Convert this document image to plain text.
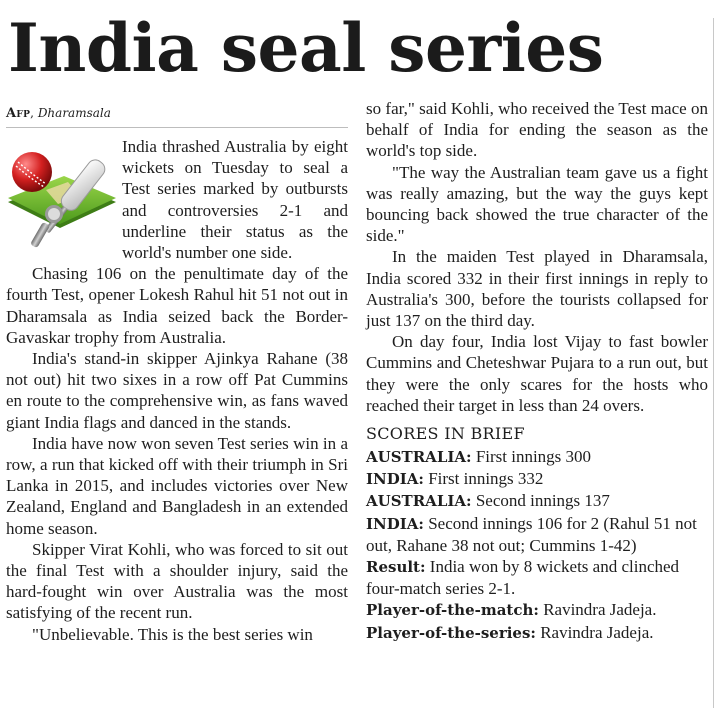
India seal series
Afp, Dharamsala

India thrashed Australia by eight wickets on Tuesday to seal a Test series marked by outbursts and controversies 2-1 and underline their status as the world's number one side.

Chasing 106 on the penultimate day of the fourth Test, opener Lokesh Rahul hit 51 not out in Dharamsala as India seized back the Border-Gavaskar trophy from Australia.

India's stand-in skipper Ajinkya Rahane (38 not out) hit two sixes in a row off Pat Cummins en route to the comprehensive win, as fans waved giant India flags and danced in the stands.

India have now won seven Test series win in a row, a run that kicked off with their triumph in Sri Lanka in 2015, and includes victories over New Zealand, England and Bangladesh in an extended home season.

Skipper Virat Kohli, who was forced to sit out the final Test with a shoulder injury, said the hard-fought win over Australia was the most satisfying of the recent run.

"Unbelievable. This is the best series win

so far," said Kohli, who received the Test mace on behalf of India for ending the season as the world's top side.

"The way the Australian team gave us a fight was really amazing, but the way the guys kept bouncing back showed the true character of the side."

In the maiden Test played in Dharamsala, India scored 332 in their first innings in reply to Australia's 300, before the tourists collapsed for just 137 on the third day.

On day four, India lost Vijay to fast bowler Cummins and Cheteshwar Pujara to a run out, but they were the only scares for the hosts who reached their target in less than 24 overs.

SCORES IN BRIEF

AUSTRALIA: First innings 300

INDIA: First innings 332

AUSTRALIA: Second innings 137

INDIA: Second innings 106 for 2 (Rahul 51 not out, Rahane 38 not out; Cummins 1-42)

Result: India won by 8 wickets and clinched four-match series 2-1.

Player-of-the-match: Ravindra Jadeja.

Player-of-the-series: Ravindra Jadeja.
